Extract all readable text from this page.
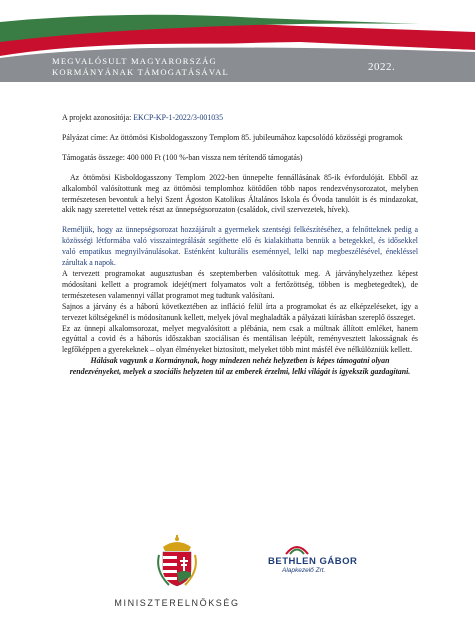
MEGVALÓSULT MAGYARORSZÁG
KORMÁNYÁNAK TÁMOGATÁSÁVAL	2022.

A projekt azonosítója: EKCP-KP-1-2022/3-001035

Pályázat címe: Az öttömösi Kisboldogasszony Templom 85. jubileumához kapcsolódó közösségi programok

Támogatás összege: 400 000 Ft (100 %-ban vissza nem térítendő támogatás)

Az öttömösi Kisboldogasszony Templom 2022-ben ünnepelte fennállásának 85-ik évfordulóját. Ebből az alkalomból valósítottunk meg az öttömösi templomhoz kötődően több napos rendezvénysorozatot, melyben természetesen bevontuk a helyi Szent Ágoston Katolikus Általános Iskola és Óvoda tanulóit is és mindazokat, akik nagy szeretettel vettek részt az ünnepségsorozaton (családok, civil szervezetek, hívek).

Reméljük, hogy az ünnepségsorozat hozzájárult a gyermekek szentségi felkészítéséhez, a felnőtteknek pedig a közösségi létformába való visszaintegrálását segíthette elő és kialakíthatta bennük a betegekkel, és idősekkel való empatikus megnyilvánulásokat. Esténként kulturális eseménnyel, lelki nap megbeszélésével, énekléssel zárultak a napok.

A tervezett programokat augusztusban és szeptemberben valósítottuk meg. A járványhelyzethez képest módosítani kellett a programok idejét(mert folyamatos volt a fertőzöttség, többen is megbetegedtek), de természetesen valamennyi vállat programot meg tudtunk valósítani.

Sajnos a járvány és a háború következtében az infláció felül írta a programokat és az elképzeléseket, így a tervezet költségeknél is módosítanunk kellett, melyek jóval meghaladták a pályázati kiírásban szereplő összeget.

Ez az ünnepi alkalomsorozat, melyet megvalósított a plébánia, nem csak a múltnak állított emléket, hanem egyúttal a covid és a háborús időszakban szociálisan és mentálisan leépült, reményvesztett lakosságnak és legfőképpen a gyerekeknek – olyan élményeket biztosított, melyeket több mint másfél éve nélkülözniük kellett.

Hálásak vagyunk a Kormánynak, hogy mindezen nehéz helyzetben is képes támogatni olyan rendezvényeket, melyek a szociális helyzeten túl az emberek érzelmi, lelki világát is igyekszik gazdagítani.

MINISZTERELNÖKSÉG
BETHLEN GÁBOR
Alapkezelő Zrt.
